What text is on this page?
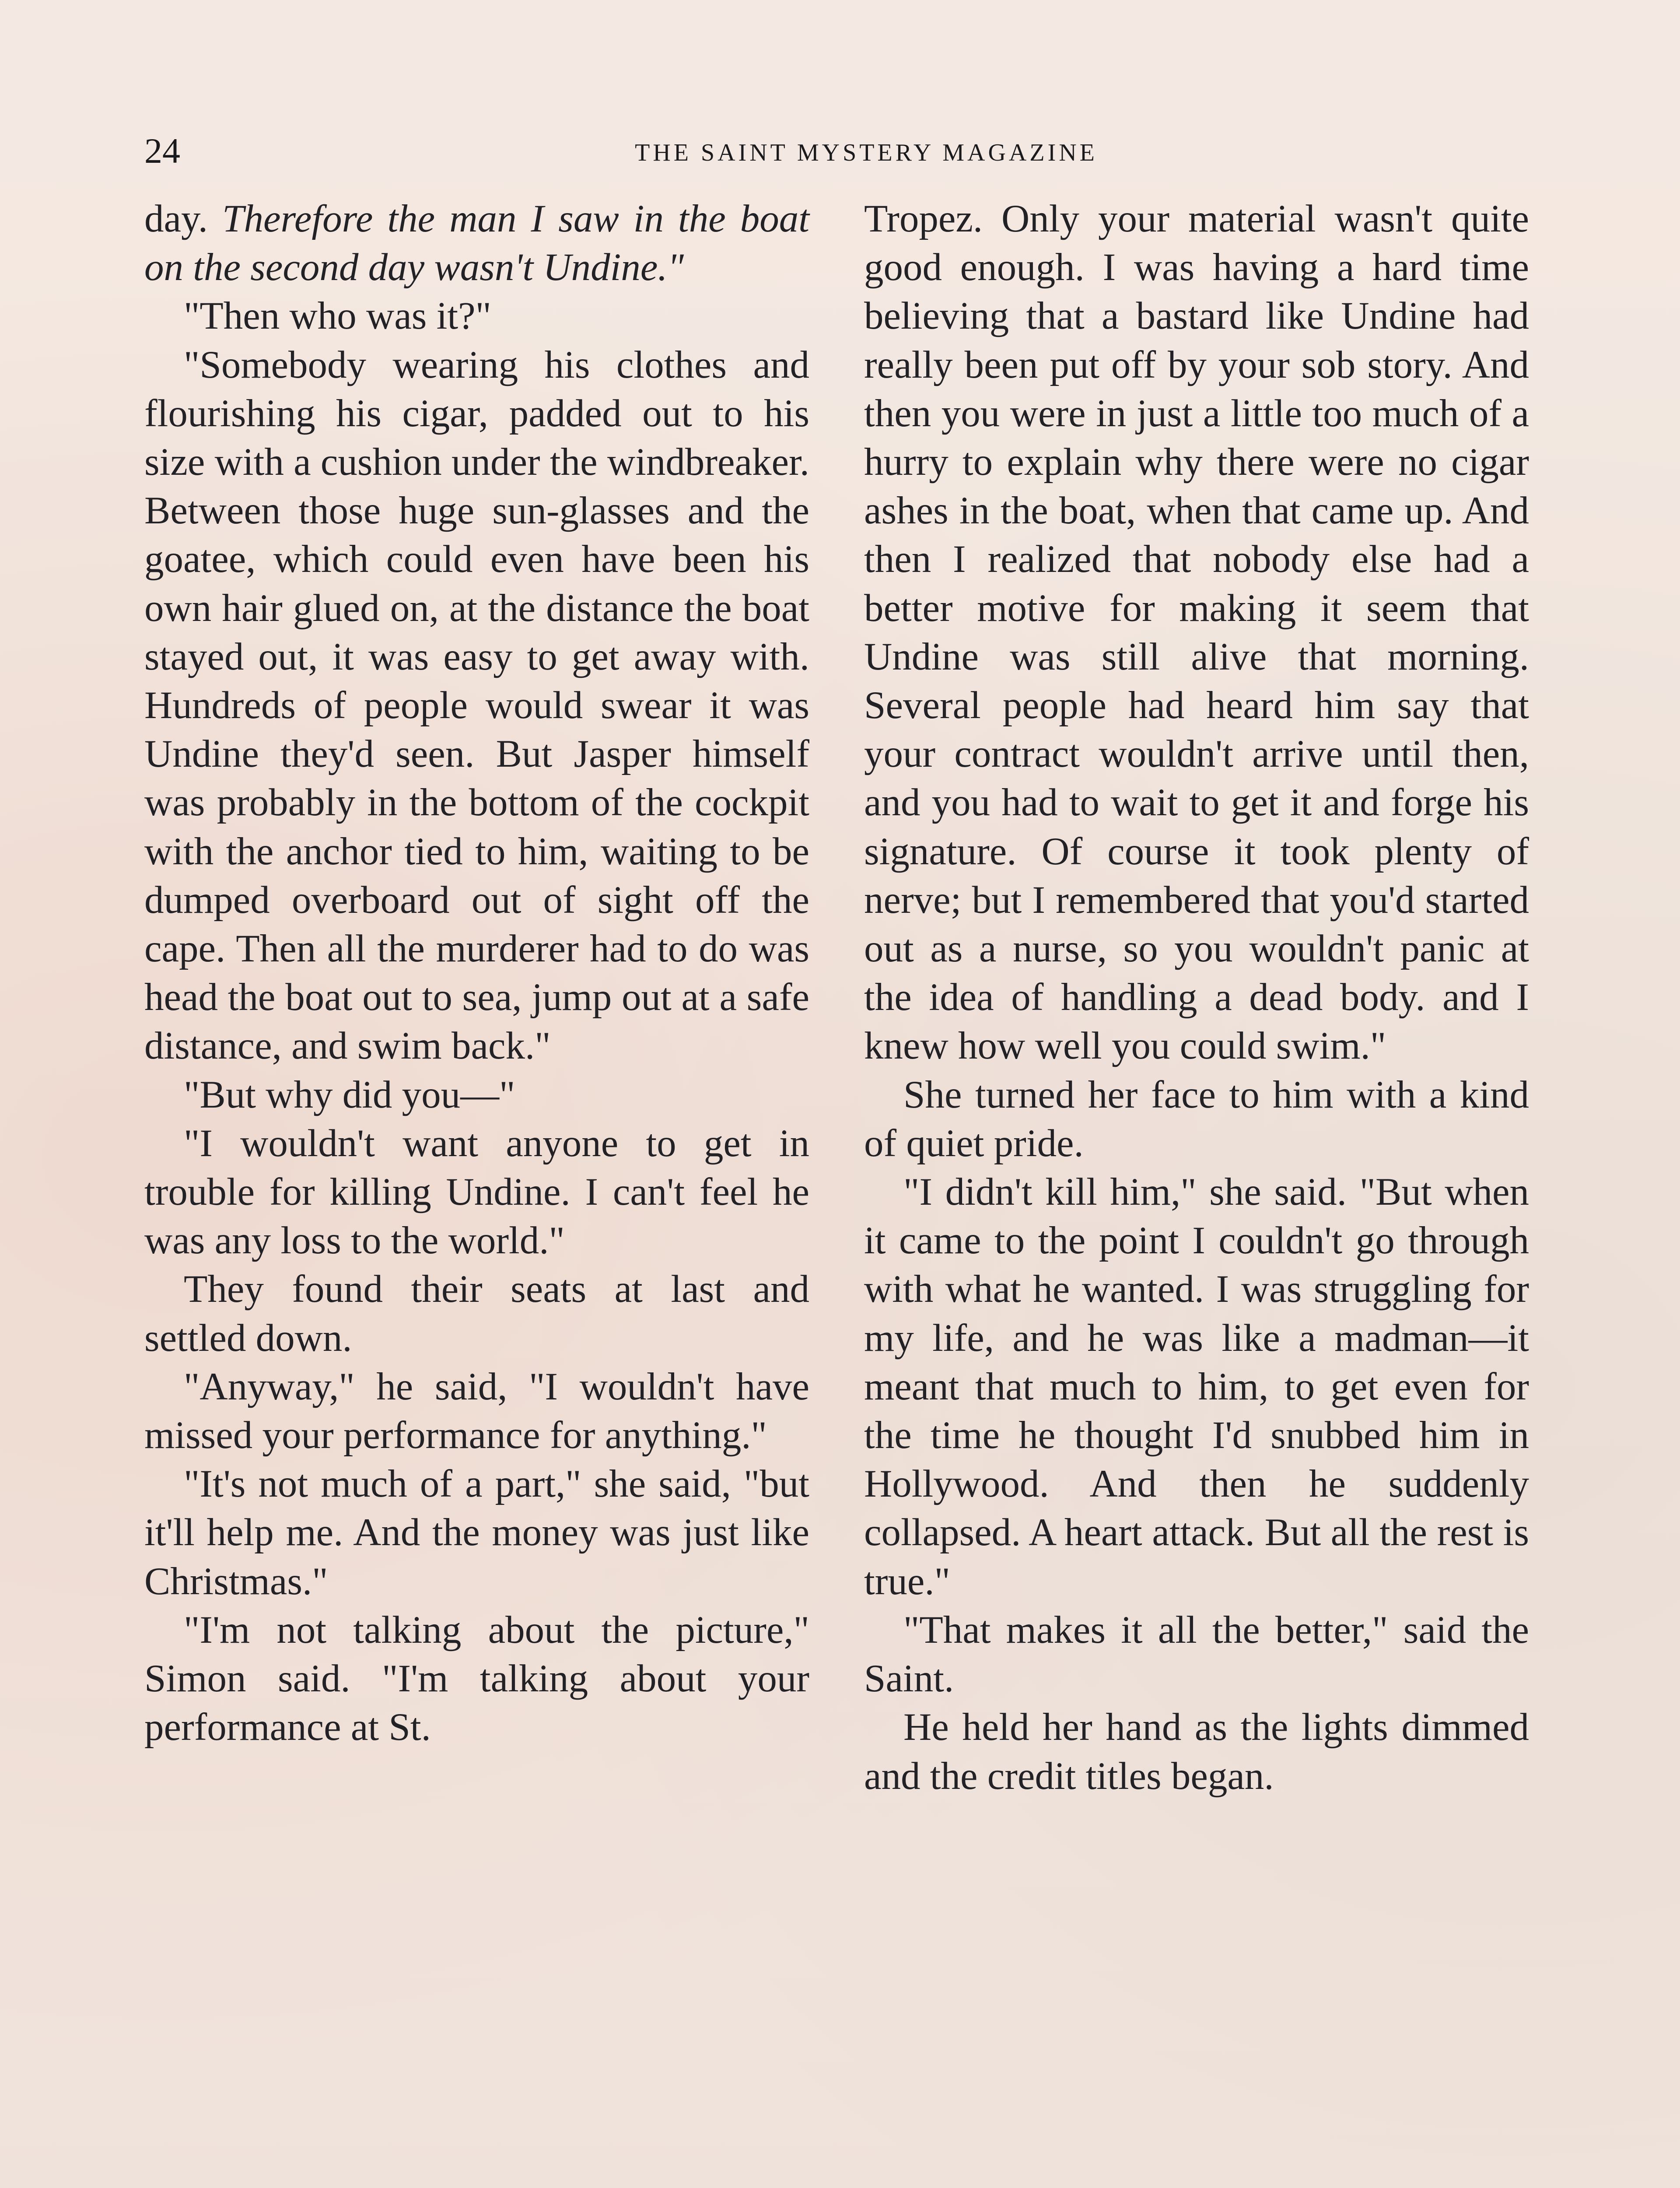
24	THE SAINT MYSTERY MAGAZINE

day. Therefore the man I saw in the boat on the second day wasn't Undine."

"Then who was it?"

"Somebody wearing his clothes and flourishing his cigar, padded out to his size with a cushion under the windbreaker. Between those huge sun-glasses and the goatee, which could even have been his own hair glued on, at the distance the boat stayed out, it was easy to get away with. Hundreds of people would swear it was Undine they'd seen. But Jasper himself was probably in the bottom of the cockpit with the anchor tied to him, waiting to be dumped overboard out of sight off the cape. Then all the murderer had to do was head the boat out to sea, jump out at a safe distance, and swim back."

"But why did you—"

"I wouldn't want anyone to get in trouble for killing Undine. I can't feel he was any loss to the world."

They found their seats at last and settled down.

"Anyway," he said, "I wouldn't have missed your performance for anything."

"It's not much of a part," she said, "but it'll help me. And the money was just like Christmas."

"I'm not talking about the picture," Simon said. "I'm talking about your performance at St.

Tropez. Only your material wasn't quite good enough. I was having a hard time believing that a bastard like Undine had really been put off by your sob story. And then you were in just a little too much of a hurry to explain why there were no cigar ashes in the boat, when that came up. And then I realized that nobody else had a better motive for making it seem that Undine was still alive that morning. Several people had heard him say that your contract wouldn't arrive until then, and you had to wait to get it and forge his signature. Of course it took plenty of nerve; but I remembered that you'd started out as a nurse, so you wouldn't panic at the idea of handling a dead body. and I knew how well you could swim."

She turned her face to him with a kind of quiet pride.

"I didn't kill him," she said. "But when it came to the point I couldn't go through with what he wanted. I was struggling for my life, and he was like a madman—it meant that much to him, to get even for the time he thought I'd snubbed him in Hollywood. And then he suddenly collapsed. A heart attack. But all the rest is true."

"That makes it all the better," said the Saint.

He held her hand as the lights dimmed and the credit titles began.
